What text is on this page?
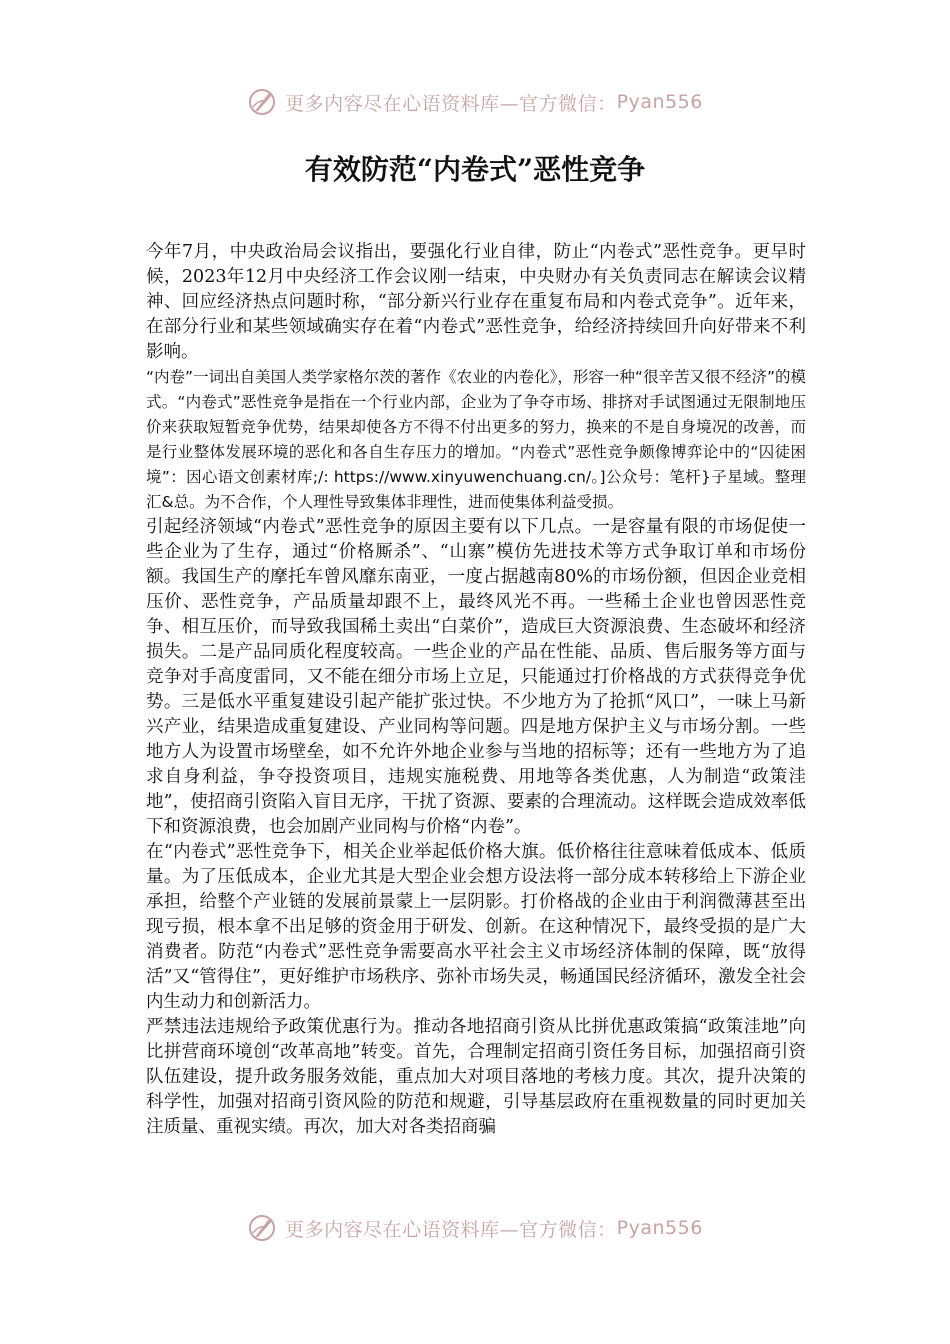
更多内容尽在心语资料库—官方微信： Pyan556
有效防范“内卷式”恶性竞争

今年7月，中央政治局会议指出，要强化行业自律，防止“内卷式”恶性竞争。更早时候，2023年12月中央经济工作会议刚一结束，中央财办有关负责同志在解读会议精神、回应经济热点问题时称，“部分新兴行业存在重复布局和内卷式竞争”。近年来，在部分行业和某些领域确实存在着“内卷式”恶性竞争，给经济持续回升向好带来不利影响。

“内卷”一词出自美国人类学家格尔茨的著作《农业的内卷化》，形容一种“很辛苦又很不经济”的模式。“内卷式”恶性竞争是指在一个行业内部，企业为了争夺市场、排挤对手试图通过无限制地压价来获取短暂竞争优势，结果却使各方不得不付出更多的努力，换来的不是自身境况的改善，而是行业整体发展环境的恶化和各自生存压力的增加。“内卷式”恶性竞争颇像博弈论中的“囚徒困境”：因心语文创素材库;/: https://www.xinyuwenchuang.cn/。]公众号：笔杆}子星域。整理汇&总。为不合作，个人理性导致集体非理性，进而使集体利益受损。

引起经济领域“内卷式”恶性竞争的原因主要有以下几点。一是容量有限的市场促使一些企业为了生存，通过“价格厮杀”、“山寨”模仿先进技术等方式争取订单和市场份额。我国生产的摩托车曾风靡东南亚，一度占据越南80%的市场份额，但因企业竞相压价、恶性竞争，产品质量却跟不上，最终风光不再。一些稀土企业也曾因恶性竞争、相互压价，而导致我国稀土卖出“白菜价”，造成巨大资源浪费、生态破坏和经济损失。二是产品同质化程度较高。一些企业的产品在性能、品质、售后服务等方面与竞争对手高度雷同，又不能在细分市场上立足，只能通过打价格战的方式获得竞争优势。三是低水平重复建设引起产能扩张过快。不少地方为了抢抓“风口”，一味上马新兴产业，结果造成重复建设、产业同构等问题。四是地方保护主义与市场分割。一些地方人为设置市场壁垒，如不允许外地企业参与当地的招标等；还有一些地方为了追求自身利益，争夺投资项目，违规实施税费、用地等各类优惠，人为制造“政策洼地”，使招商引资陷入盲目无序，干扰了资源、要素的合理流动。这样既会造成效率低下和资源浪费，也会加剧产业同构与价格“内卷”。

在“内卷式”恶性竞争下，相关企业举起低价格大旗。低价格往往意味着低成本、低质量。为了压低成本，企业尤其是大型企业会想方设法将一部分成本转移给上下游企业承担，给整个产业链的发展前景蒙上一层阴影。打价格战的企业由于利润微薄甚至出现亏损，根本拿不出足够的资金用于研发、创新。在这种情况下，最终受损的是广大消费者。防范“内卷式”恶性竞争需要高水平社会主义市场经济体制的保障，既“放得活”又“管得住”，更好维护市场秩序、弥补市场失灵，畅通国民经济循环，激发全社会内生动力和创新活力。

严禁违法违规给予政策优惠行为。推动各地招商引资从比拼优惠政策搞“政策洼地”向比拼营商环境创“改革高地”转变。首先，合理制定招商引资任务目标，加强招商引资队伍建设，提升政务服务效能，重点加大对项目落地的考核力度。其次，提升决策的科学性，加强对招商引资风险的防范和规避，引导基层政府在重视数量的同时更加关注质量、重视实绩。再次，加大对各类招商骗

更多内容尽在心语资料库—官方微信： Pyan556
